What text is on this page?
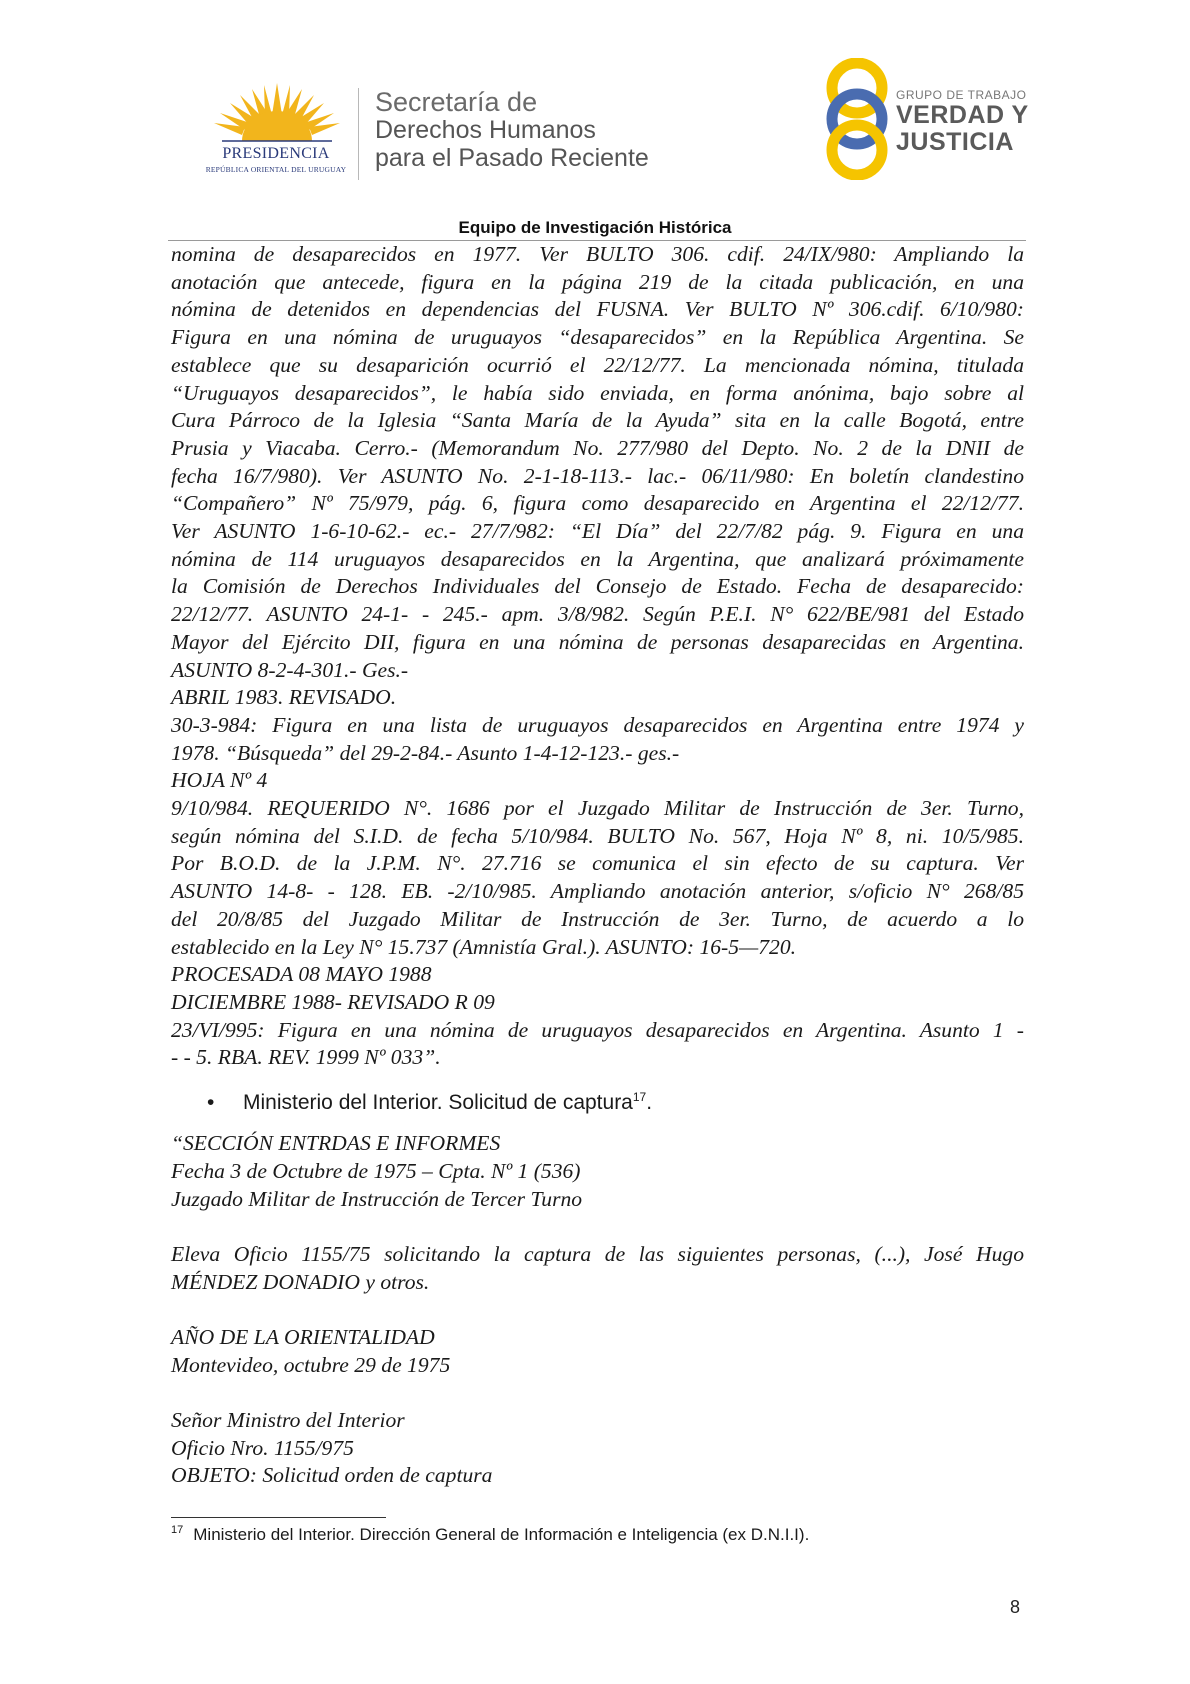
PRESIDENCIA
REPÚBLICA ORIENTAL DEL URUGUAY
Secretaría de
Derechos Humanos
para el Pasado Reciente
GRUPO DE TRABAJO
VERDAD Y
JUSTICIA
Equipo de Investigación Histórica

nomina de desaparecidos en 1977. Ver BULTO 306. cdif. 24/IX/980: Ampliando la

anotación que antecede, figura en la página 219 de la citada publicación, en una

nómina de detenidos en dependencias del FUSNA. Ver BULTO Nº 306.cdif. 6/10/980:

Figura en una nómina de uruguayos “desaparecidos” en la República Argentina. Se

establece que su desaparición ocurrió el 22/12/77. La mencionada nómina, titulada

“Uruguayos desaparecidos”, le había sido enviada, en forma anónima, bajo sobre al

Cura Párroco de la Iglesia “Santa María de la Ayuda” sita en la calle Bogotá, entre

Prusia y Viacaba. Cerro.- (Memorandum No. 277/980 del Depto. No. 2 de la DNII de

fecha 16/7/980). Ver ASUNTO No. 2-1-18-113.- lac.- 06/11/980: En boletín clandestino

“Compañero” Nº 75/979, pág. 6, figura como desaparecido en Argentina el 22/12/77.

Ver ASUNTO 1-6-10-62.- ec.- 27/7/982: “El Día” del 22/7/82 pág. 9. Figura en una

nómina de 114 uruguayos desaparecidos en la Argentina, que analizará próximamente

la Comisión de Derechos Individuales del Consejo de Estado. Fecha de desaparecido:

22/12/77. ASUNTO 24-1- - 245.- apm. 3/8/982. Según P.E.I. N° 622/BE/981 del Estado

Mayor del Ejército DII, figura en una nómina de personas desaparecidas en Argentina.

ASUNTO 8-2-4-301.- Ges.-

ABRIL 1983. REVISADO.

30-3-984: Figura en una lista de uruguayos desaparecidos en Argentina entre 1974 y

1978. “Búsqueda” del 29-2-84.- Asunto 1-4-12-123.- ges.-

HOJA Nº 4

9/10/984. REQUERIDO N°. 1686 por el Juzgado Militar de Instrucción de 3er. Turno,

según nómina del S.I.D. de fecha 5/10/984. BULTO No. 567, Hoja Nº 8, ni. 10/5/985.

Por B.O.D. de la J.P.M. N°. 27.716 se comunica el sin efecto de su captura. Ver

ASUNTO 14-8- - 128. EB. -2/10/985. Ampliando anotación anterior, s/oficio N° 268/85

del 20/8/85 del Juzgado Militar de Instrucción de 3er. Turno, de acuerdo a lo

establecido en la Ley N° 15.737 (Amnistía Gral.). ASUNTO: 16-5—720.

PROCESADA 08 MAYO 1988

DICIEMBRE 1988- REVISADO R 09

23/VI/995: Figura en una nómina de uruguayos desaparecidos en Argentina. Asunto 1 -

- - 5. RBA. REV. 1999 Nº 033”.

• Ministerio del Interior. Solicitud de captura$^{17}$.

“SECCIÓN ENTRDAS E INFORMES

Fecha 3 de Octubre de 1975 – Cpta. Nº 1 (536)

Juzgado Militar de Instrucción de Tercer Turno

Eleva Oficio 1155/75 solicitando la captura de las siguientes personas, (...), José Hugo

MÉNDEZ DONADIO y otros.

AÑO DE LA ORIENTALIDAD

Montevideo, octubre 29 de 1975

Señor Ministro del Interior

Oficio Nro. 1155/975

OBJETO: Solicitud orden de captura

$^{17}$ Ministerio del Interior. Dirección General de Información e Inteligencia (ex D.N.I.I).
8
